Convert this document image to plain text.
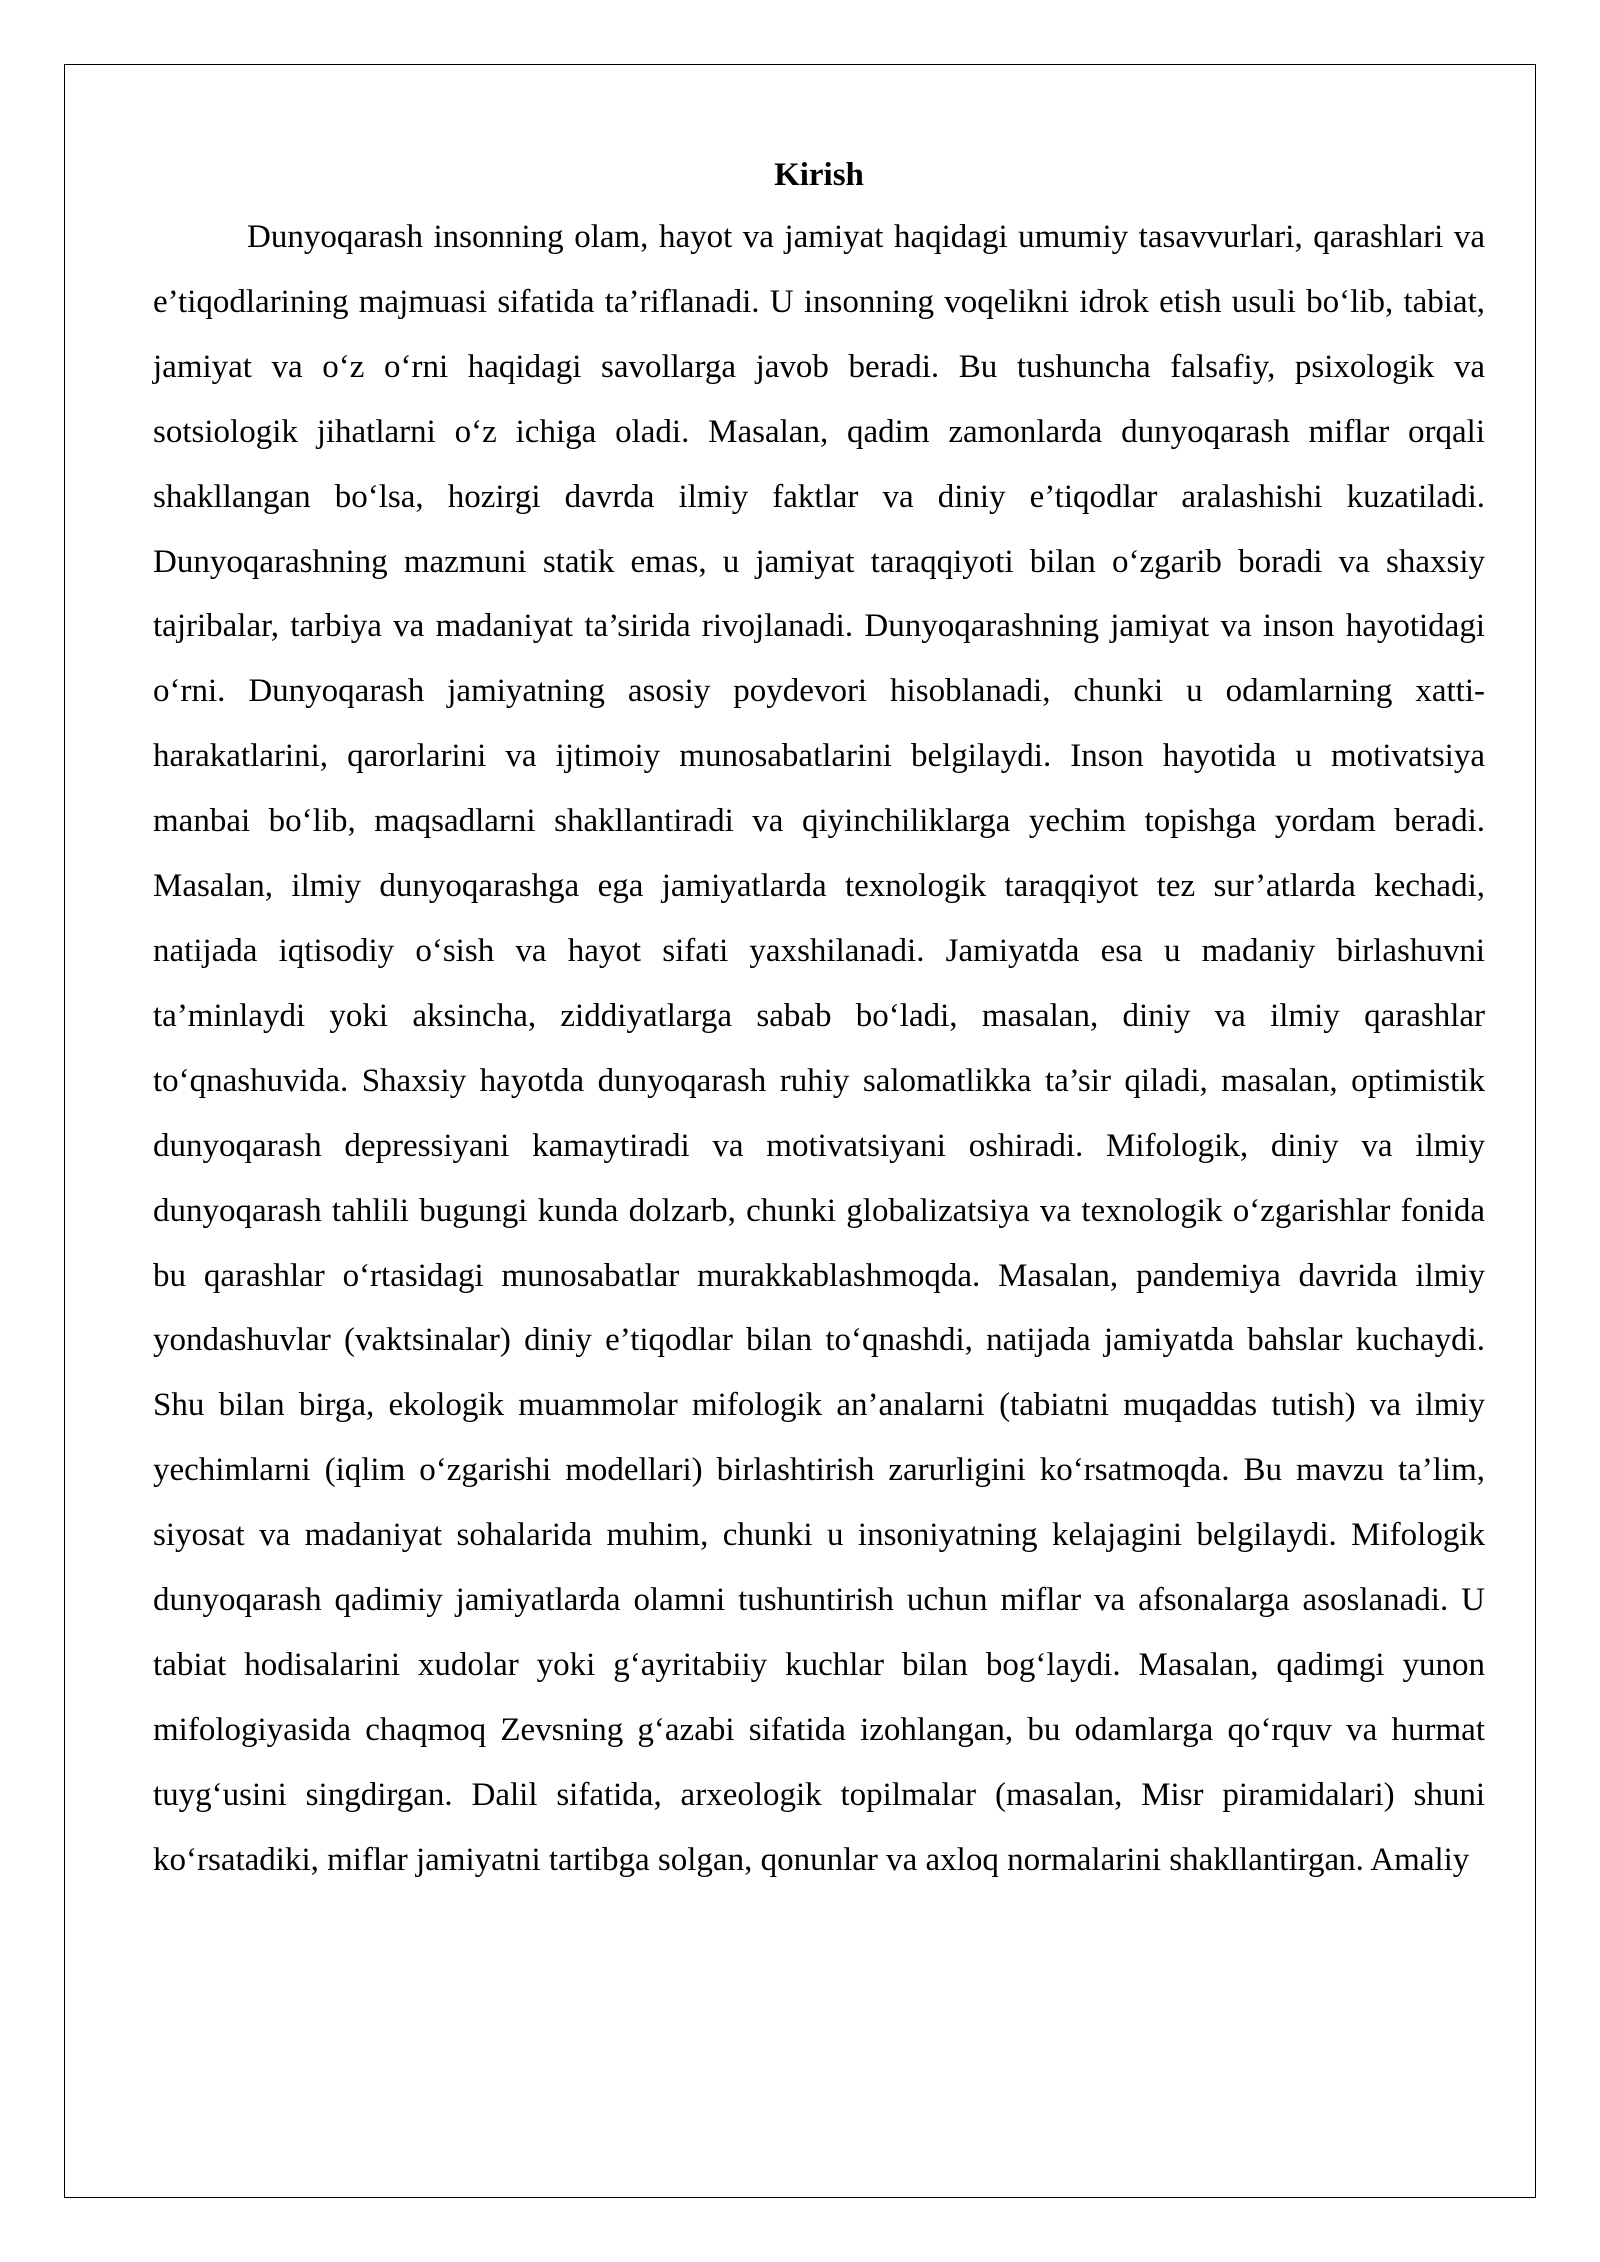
Kirish

Dunyoqarash insonning olam, hayot va jamiyat haqidagi umumiy tasavvurlari, qarashlari va e’tiqodlarining majmuasi sifatida ta’riflanadi. U insonning voqelikni idrok etish usuli bo‘lib, tabiat, jamiyat va o‘z o‘rni haqidagi savollarga javob beradi. Bu tushuncha falsafiy, psixologik va sotsiologik jihatlarni o‘z ichiga oladi. Masalan, qadim zamonlarda dunyoqarash miflar orqali shakllangan bo‘lsa, hozirgi davrda ilmiy faktlar va diniy e’tiqodlar aralashishi kuzatiladi. Dunyoqarashning mazmuni statik emas, u jamiyat taraqqiyoti bilan o‘zgarib boradi va shaxsiy tajribalar, tarbiya va madaniyat ta’sirida rivojlanadi. Dunyoqarashning jamiyat va inson hayotidagi o‘rni. Dunyoqarash jamiyatning asosiy poydevori hisoblanadi, chunki u odamlarning xatti-harakatlarini, qarorlarini va ijtimoiy munosabatlarini belgilaydi. Inson hayotida u motivatsiya manbai bo‘lib, maqsadlarni shakllantiradi va qiyinchiliklarga yechim topishga yordam beradi. Masalan, ilmiy dunyoqarashga ega jamiyatlarda texnologik taraqqiyot tez sur’atlarda kechadi, natijada iqtisodiy o‘sish va hayot sifati yaxshilanadi. Jamiyatda esa u madaniy birlashuvni ta’minlaydi yoki aksincha, ziddiyatlarga sabab bo‘ladi, masalan, diniy va ilmiy qarashlar to‘qnashuvida. Shaxsiy hayotda dunyoqarash ruhiy salomatlikka ta’sir qiladi, masalan, optimistik dunyoqarash depressiyani kamaytiradi va motivatsiyani oshiradi. Mifologik, diniy va ilmiy dunyoqarash tahlili bugungi kunda dolzarb, chunki globalizatsiya va texnologik o‘zgarishlar fonida bu qarashlar o‘rtasidagi munosabatlar murakkablashmoqda. Masalan, pandemiya davrida ilmiy yondashuvlar (vaktsinalar) diniy e’tiqodlar bilan to‘qnashdi, natijada jamiyatda bahslar kuchaydi. Shu bilan birga, ekologik muammolar mifologik an’analarni (tabiatni muqaddas tutish) va ilmiy yechimlarni (iqlim o‘zgarishi modellari) birlashtirish zarurligini ko‘rsatmoqda. Bu mavzu ta’lim, siyosat va madaniyat sohalarida muhim, chunki u insoniyatning kelajagini belgilaydi. Mifologik dunyoqarash qadimiy jamiyatlarda olamni tushuntirish uchun miflar va afsonalarga asoslanadi. U tabiat hodisalarini xudolar yoki g‘ayritabiiy kuchlar bilan bog‘laydi. Masalan, qadimgi yunon mifologiyasida chaqmoq Zevsning g‘azabi sifatida izohlangan, bu odamlarga qo‘rquv va hurmat tuyg‘usini singdirgan. Dalil sifatida, arxeologik topilmalar (masalan, Misr piramidalari) shuni ko‘rsatadiki, miflar jamiyatni tartibga solgan, qonunlar va axloq normalarini shakllantirgan. Amaliy
